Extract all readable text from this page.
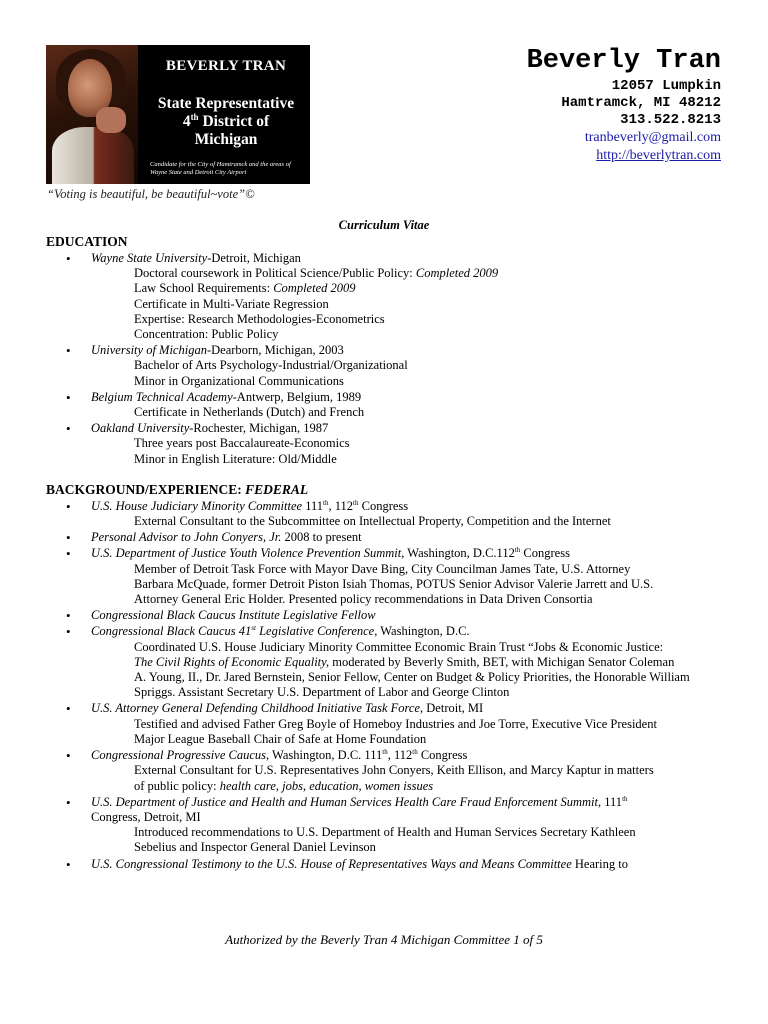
BEVERLY TRAN
State Representative
4th District of
Michigan
Candidate for the City of Hamtramck and the areas of Wayne State and Detroit City Airport
“Voting is beautiful, be beautiful~vote”©
Beverly Tran
12057 Lumpkin
Hamtramck, MI 48212
313.522.8213
tranbeverly@gmail.com
http://beverlytran.com
Curriculum Vitae
EDUCATION
• Wayne State University-Detroit, Michigan
Doctoral coursework in Political Science/Public Policy: Completed 2009
Law School Requirements: Completed 2009
Certificate in Multi-Variate Regression
Expertise: Research Methodologies-Econometrics
Concentration: Public Policy
• University of Michigan-Dearborn, Michigan, 2003
Bachelor of Arts Psychology-Industrial/Organizational
Minor in Organizational Communications
• Belgium Technical Academy-Antwerp, Belgium, 1989
Certificate in Netherlands (Dutch) and French
• Oakland University-Rochester, Michigan, 1987
Three years post Baccalaureate-Economics
Minor in English Literature: Old/Middle
BACKGROUND/EXPERIENCE: FEDERAL
• U.S. House Judiciary Minority Committee 111th, 112th Congress
External Consultant to the Subcommittee on Intellectual Property, Competition and the Internet
• Personal Advisor to John Conyers, Jr. 2008 to present
• U.S. Department of Justice Youth Violence Prevention Summit, Washington, D.C.112th Congress
Member of Detroit Task Force with Mayor Dave Bing, City Councilman James Tate, U.S. Attorney
Barbara McQuade, former Detroit Piston Isiah Thomas, POTUS Senior Advisor Valerie Jarrett and U.S.
Attorney General Eric Holder. Presented policy recommendations in Data Driven Consortia
• Congressional Black Caucus Institute Legislative Fellow
• Congressional Black Caucus 41st Legislative Conference, Washington, D.C.
Coordinated U.S. House Judiciary Minority Committee Economic Brain Trust “Jobs & Economic Justice:
The Civil Rights of Economic Equality, moderated by Beverly Smith, BET, with Michigan Senator Coleman
A. Young, II., Dr. Jared Bernstein, Senior Fellow, Center on Budget & Policy Priorities, the Honorable William
Spriggs. Assistant Secretary U.S. Department of Labor and George Clinton
• U.S. Attorney General Defending Childhood Initiative Task Force, Detroit, MI
Testified and advised Father Greg Boyle of Homeboy Industries and Joe Torre, Executive Vice President
Major League Baseball Chair of Safe at Home Foundation
• Congressional Progressive Caucus, Washington, D.C. 111th, 112th Congress
External Consultant for U.S. Representatives John Conyers, Keith Ellison, and Marcy Kaptur in matters
of public policy: health care, jobs, education, women issues
• U.S. Department of Justice and Health and Human Services Health Care Fraud Enforcement Summit, 111th
Congress, Detroit, MI
Introduced recommendations to U.S. Department of Health and Human Services Secretary Kathleen
Sebelius and Inspector General Daniel Levinson
• U.S. Congressional Testimony to the U.S. House of Representatives Ways and Means Committee Hearing to
Authorized by the Beverly Tran 4 Michigan Committee 1 of 5
